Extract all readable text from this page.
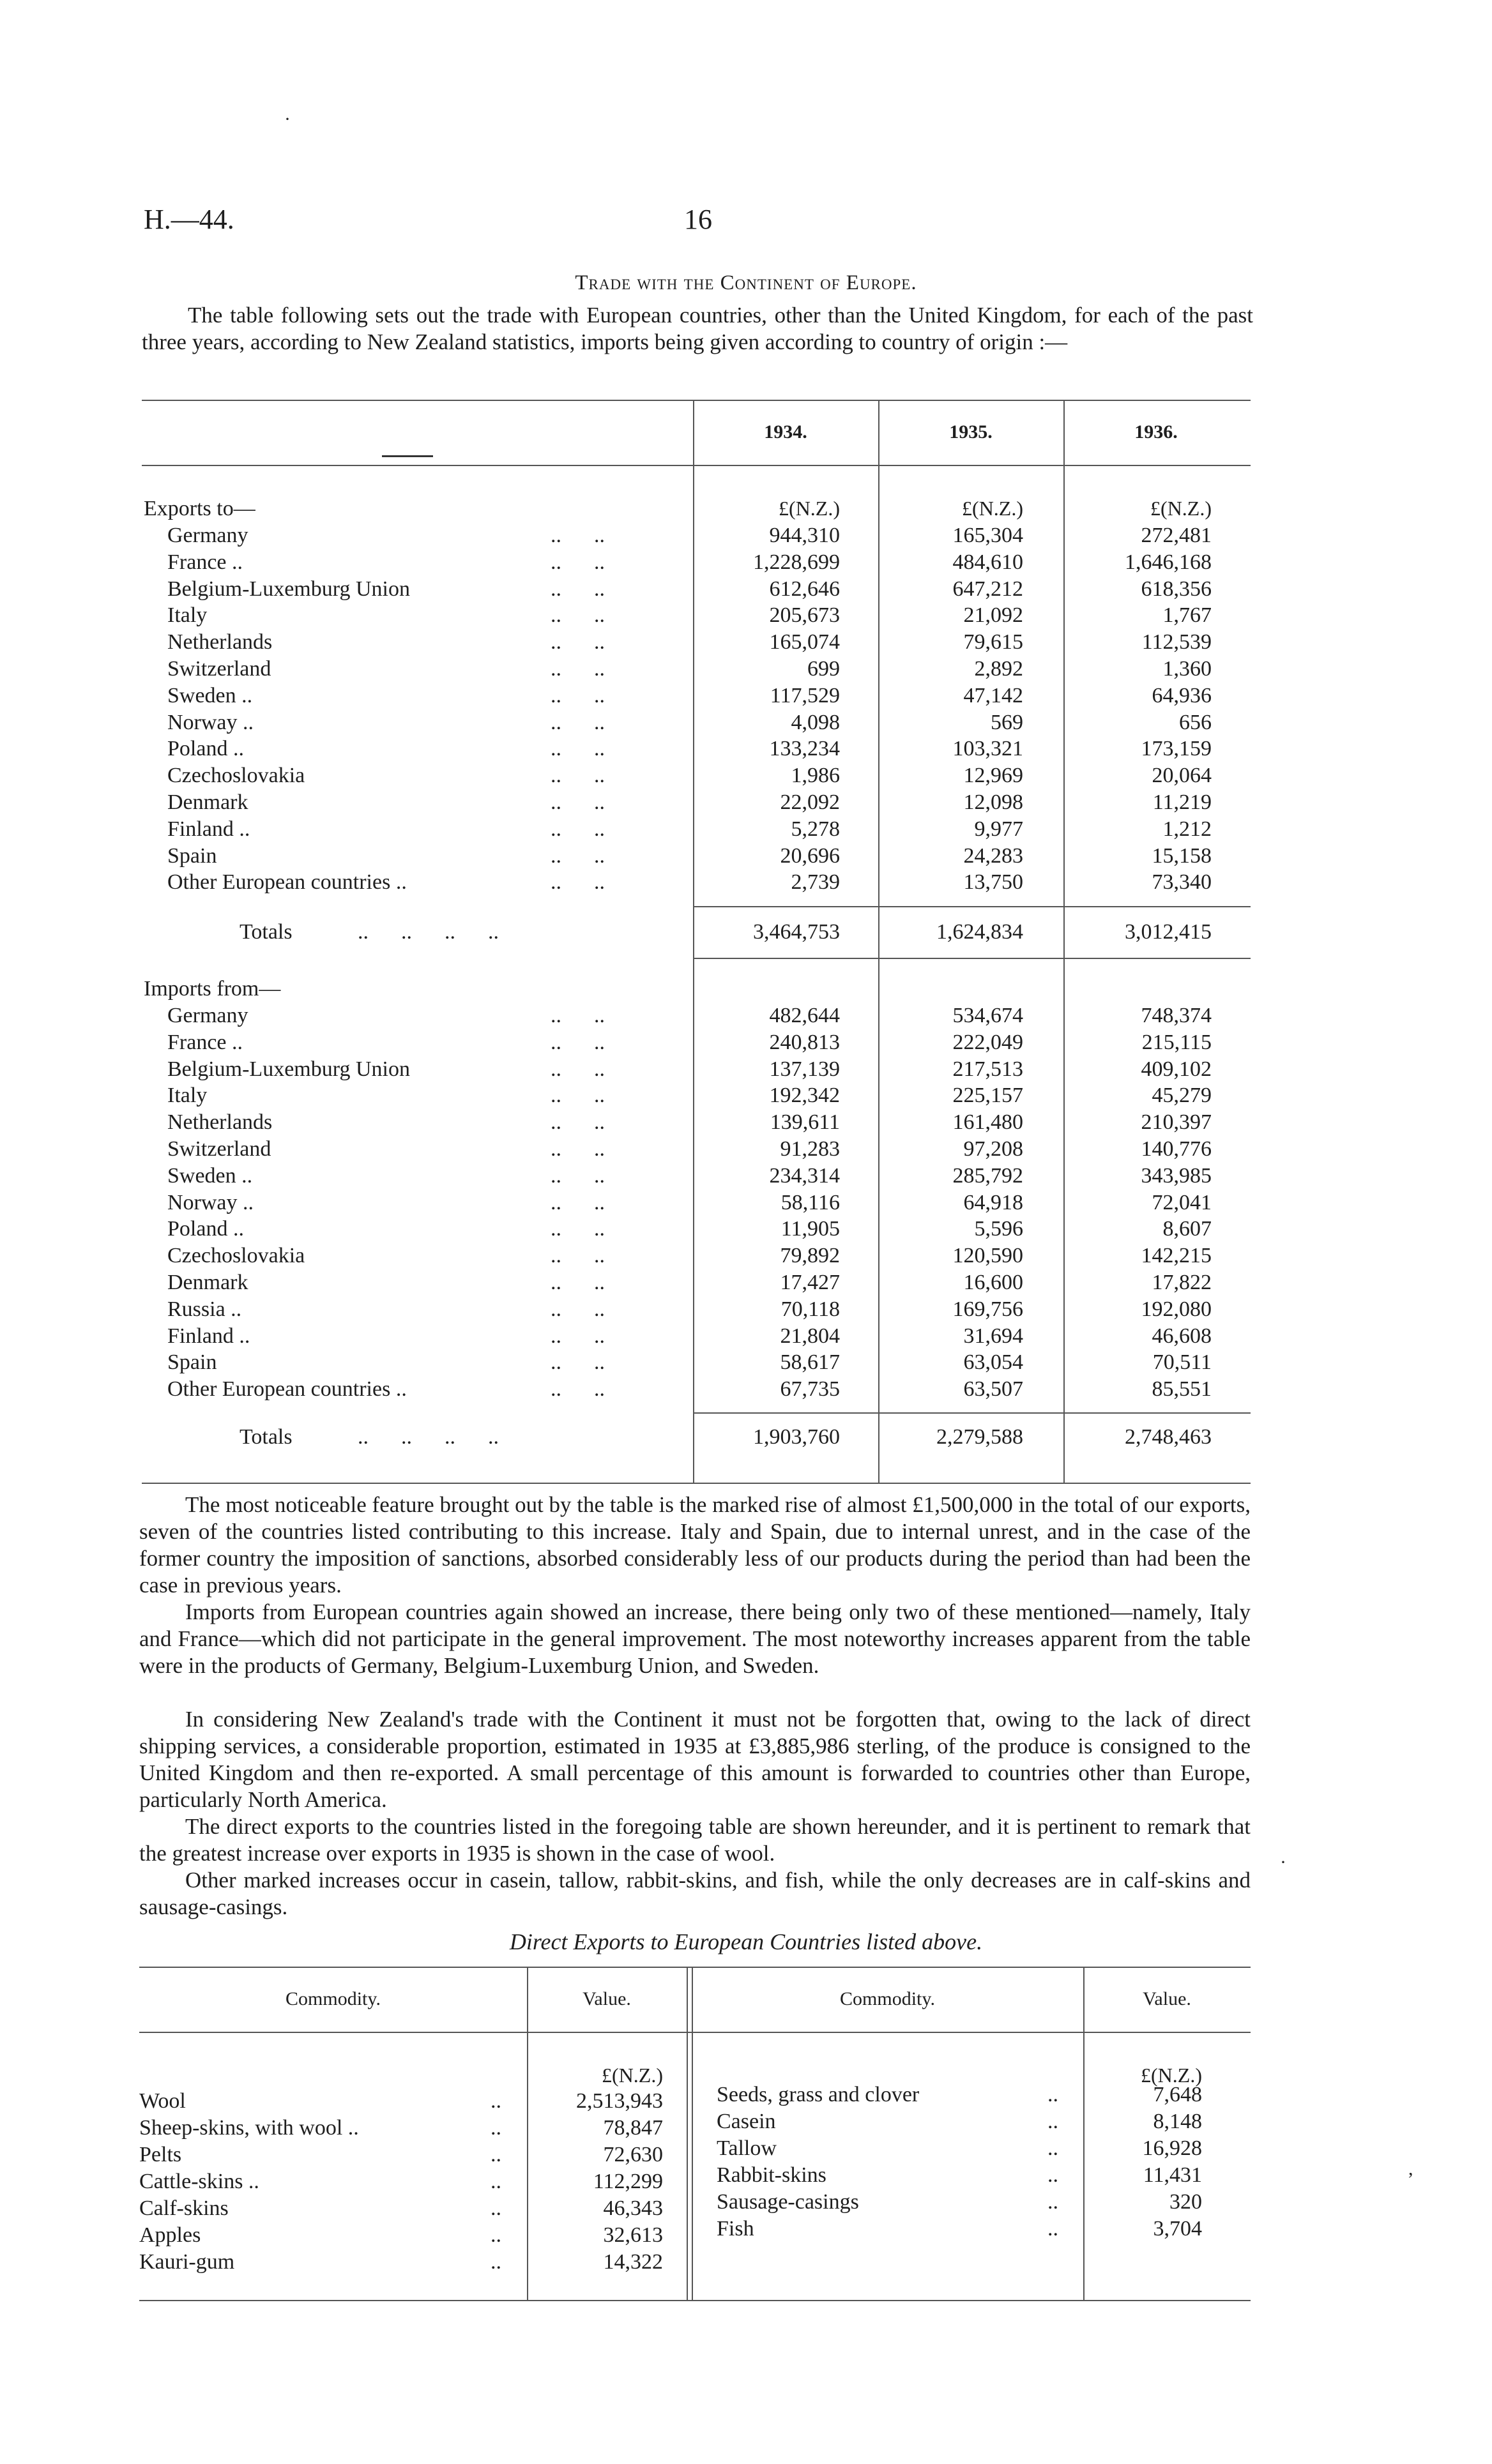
H.—44.	16
Trade with the Continent of Europe.

The table following sets out the trade with European countries, other than the United Kingdom, for each of the past three years, according to New Zealand statistics, imports being given according to country of origin :—

1934.	1935.	1936.
Exports to—	£(N.Z.)	£(N.Z.)	£(N.Z.)
Germany	..      ..	944,310	165,304	272,481
France ..	..      ..	1,228,699	484,610	1,646,168
Belgium-Luxemburg Union	..      ..	612,646	647,212	618,356
Italy	..      ..	205,673	21,092	1,767
Netherlands	..      ..	165,074	79,615	112,539
Switzerland	..      ..	699	2,892	1,360
Sweden ..	..      ..	117,529	47,142	64,936
Norway ..	..      ..	4,098	569	656
Poland ..	..      ..	133,234	103,321	173,159
Czechoslovakia	..      ..	1,986	12,969	20,064
Denmark	..      ..	22,092	12,098	11,219
Finland ..	..      ..	5,278	9,977	1,212
Spain	..      ..	20,696	24,283	15,158
Other European countries ..	..      ..	2,739	13,750	73,340
Totals	..      ..      ..      ..	3,464,753	1,624,834	3,012,415
Imports from—
Germany	..      ..	482,644	534,674	748,374
France ..	..      ..	240,813	222,049	215,115
Belgium-Luxemburg Union	..      ..	137,139	217,513	409,102
Italy	..      ..	192,342	225,157	45,279
Netherlands	..      ..	139,611	161,480	210,397
Switzerland	..      ..	91,283	97,208	140,776
Sweden ..	..      ..	234,314	285,792	343,985
Norway ..	..      ..	58,116	64,918	72,041
Poland ..	..      ..	11,905	5,596	8,607
Czechoslovakia	..      ..	79,892	120,590	142,215
Denmark	..      ..	17,427	16,600	17,822
Russia ..	..      ..	70,118	169,756	192,080
Finland ..	..      ..	21,804	31,694	46,608
Spain	..      ..	58,617	63,054	70,511
Other European countries ..	..      ..	67,735	63,507	85,551
Totals	..      ..      ..      ..	1,903,760	2,279,588	2,748,463

The most noticeable feature brought out by the table is the marked rise of almost £1,500,000 in the total of our exports, seven of the countries listed contributing to this increase. Italy and Spain, due to internal unrest, and in the case of the former country the imposition of sanctions, absorbed considerably less of our products during the period than had been the case in previous years.

Imports from European countries again showed an increase, there being only two of these mentioned—namely, Italy and France—which did not participate in the general improvement. The most noteworthy increases apparent from the table were in the products of Germany, Belgium-Luxemburg Union, and Sweden.

In considering New Zealand's trade with the Continent it must not be forgotten that, owing to the lack of direct shipping services, a considerable proportion, estimated in 1935 at £3,885,986 sterling, of the produce is consigned to the United Kingdom and then re-exported. A small percentage of this amount is forwarded to countries other than Europe, particularly North America.

The direct exports to the countries listed in the foregoing table are shown hereunder, and it is pertinent to remark that the greatest increase over exports in 1935 is shown in the case of wool.

Other marked increases occur in casein, tallow, rabbit-skins, and fish, while the only decreases are in calf-skins and sausage-casings.

Direct Exports to European Countries listed above.
Commodity.	Value.	Commodity.	Value.
£(N.Z.)	£(N.Z.)
Wool	..	2,513,943
Sheep-skins, with wool ..	..	78,847
Pelts	..	72,630
Cattle-skins ..	..	112,299
Calf-skins	..	46,343
Apples	..	32,613
Kauri-gum	..	14,322
Seeds, grass and clover	..	7,648
Casein	..	8,148
Tallow	..	16,928
Rabbit-skins	..	11,431
Sausage-casings	..	320
Fish	..	3,704
·
·
,
